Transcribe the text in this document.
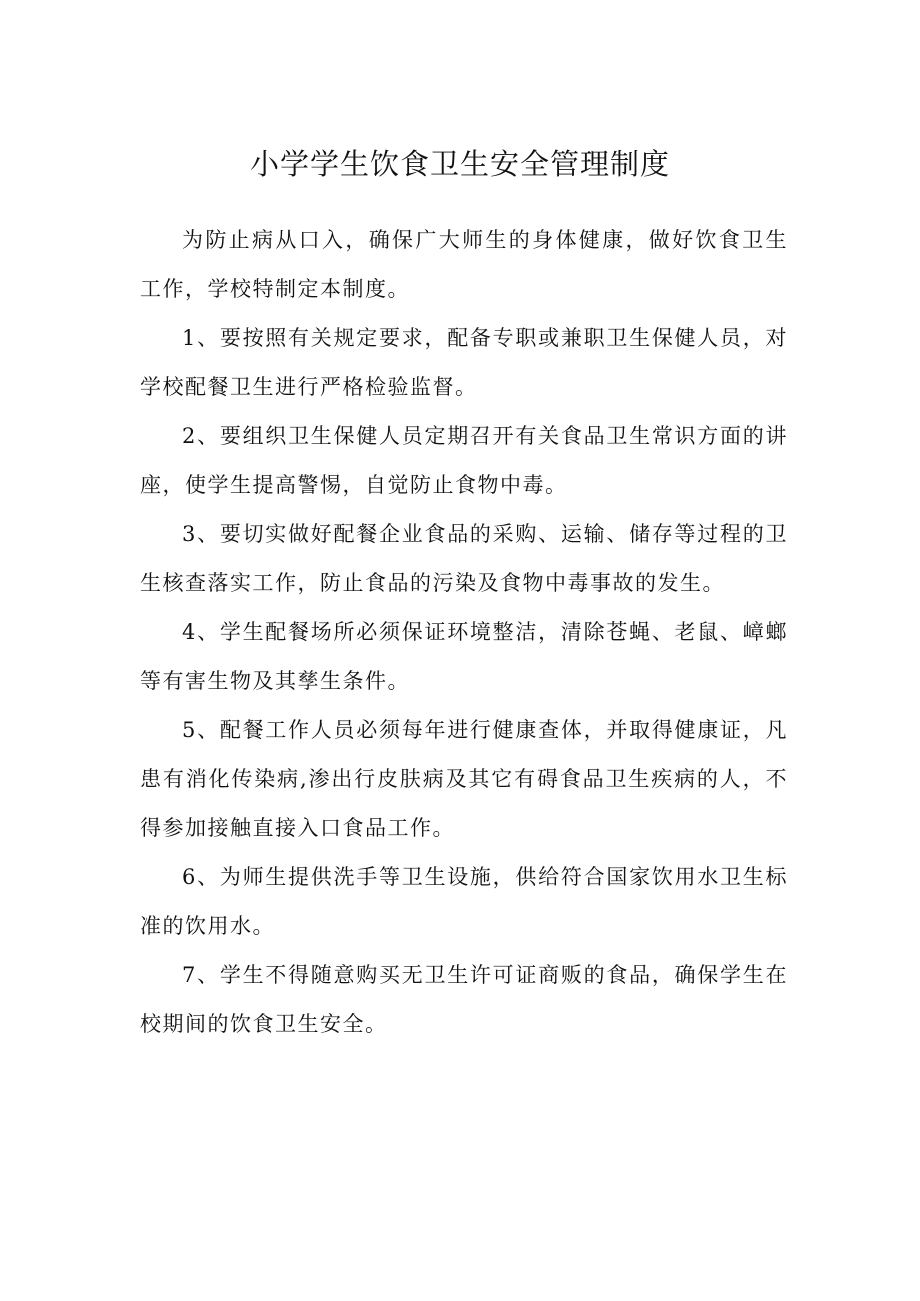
小学学生饮食卫生安全管理制度

为防止病从口入，确保广大师生的身体健康，做好饮食卫生工作，学校特制定本制度。

1、要按照有关规定要求，配备专职或兼职卫生保健人员，对学校配餐卫生进行严格检验监督。

2、要组织卫生保健人员定期召开有关食品卫生常识方面的讲座，使学生提高警惕，自觉防止食物中毒。

3、要切实做好配餐企业食品的采购、运输、储存等过程的卫生核查落实工作，防止食品的污染及食物中毒事故的发生。

4、学生配餐场所必须保证环境整洁，清除苍蝇、老鼠、嶂螂等有害生物及其孳生条件。

5、配餐工作人员必须每年进行健康查体，并取得健康证，凡患有消化传染病,渗出行皮肤病及其它有碍食品卫生疾病的人，不得参加接触直接入口食品工作。

6、为师生提供洗手等卫生设施，供给符合国家饮用水卫生标准的饮用水。

7、学生不得随意购买无卫生许可证商贩的食品，确保学生在校期间的饮食卫生安全。
